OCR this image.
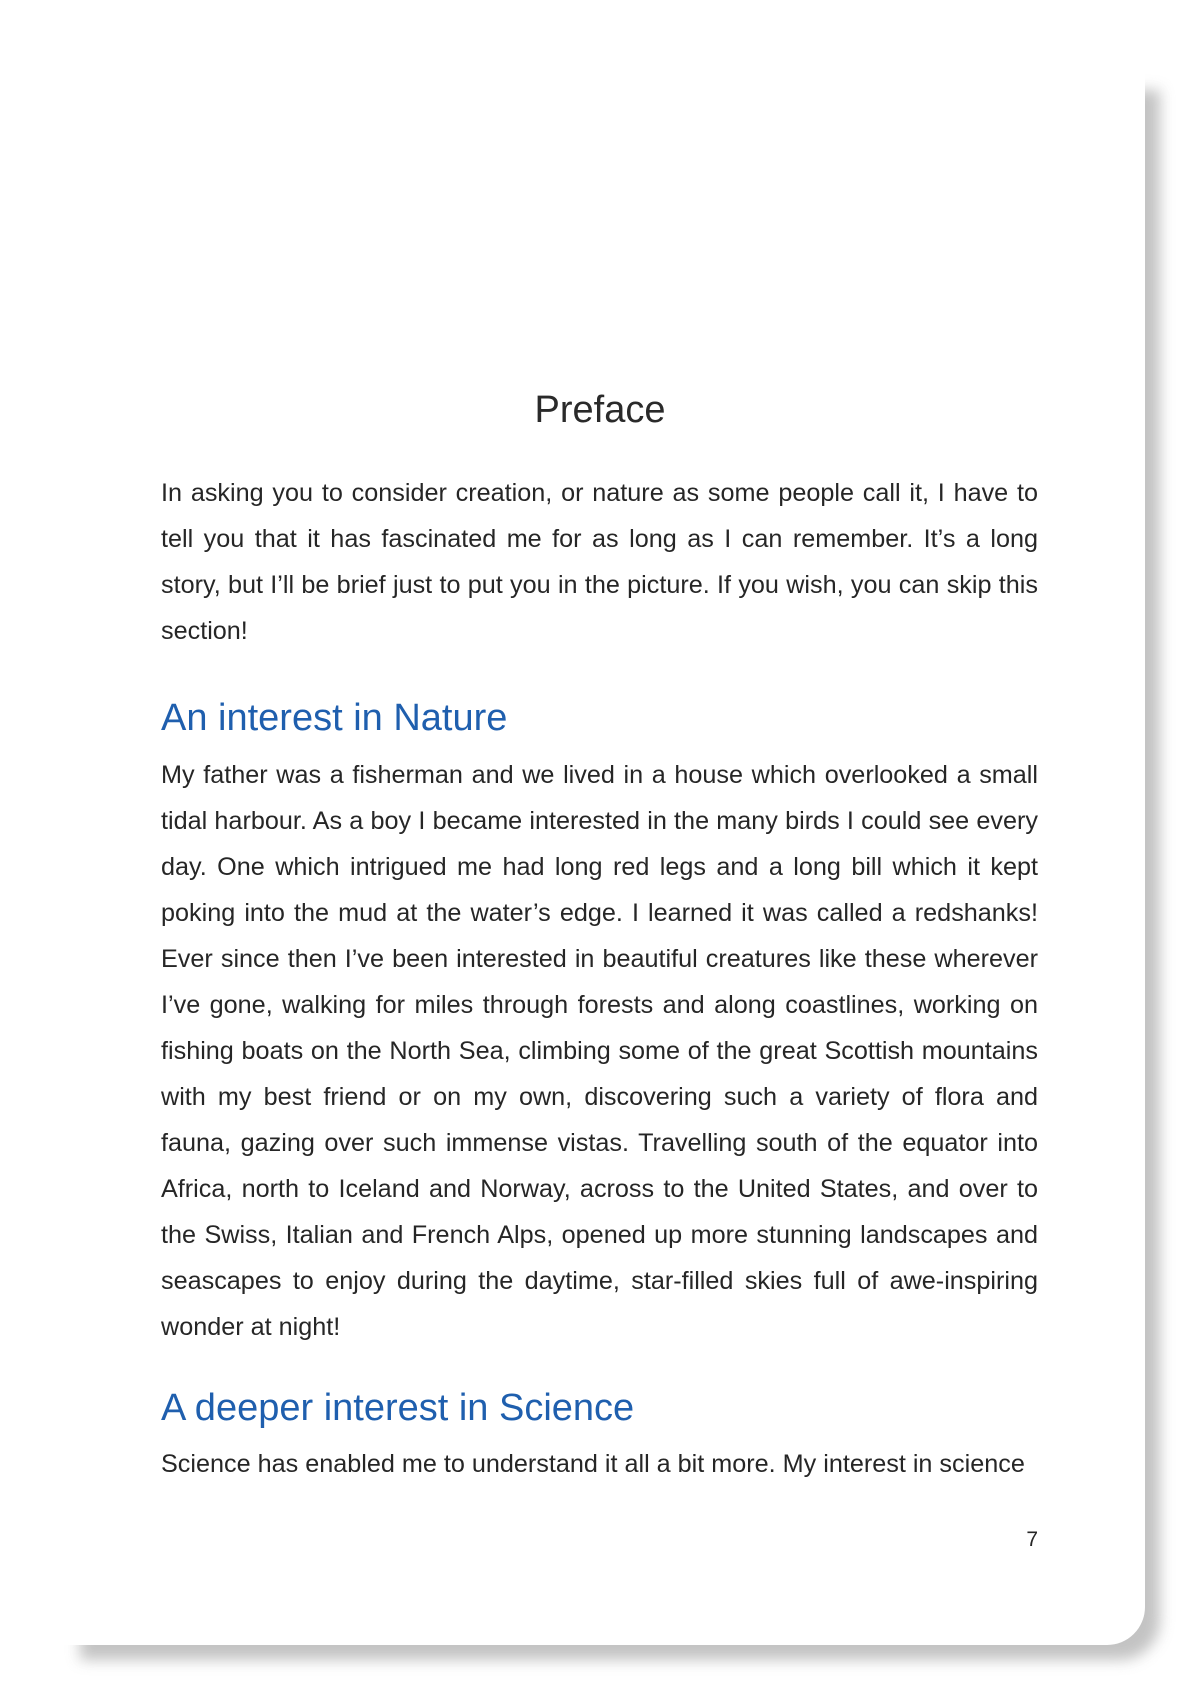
Preface

In asking you to consider creation, or nature as some people call it, I have to tell you that it has fascinated me for as long as I can remember. It’s a long story, but I’ll be brief just to put you in the picture. If you wish, you can skip this section!

An interest in Nature

My father was a fisherman and we lived in a house which overlooked a small tidal harbour. As a boy I became interested in the many birds I could see every day. One which intrigued me had long red legs and a long bill which it kept poking into the mud at the water’s edge. I learned it was called a redshanks! Ever since then I’ve been interested in beautiful creatures like these wherever I’ve gone, walking for miles through forests and along coastlines, working on fishing boats on the North Sea, climbing some of the great Scottish mountains with my best friend or on my own, discovering such a variety of flora and fauna, gazing over such immense vistas. Travelling south of the equator into Africa, north to Iceland and Norway, across to the United States, and over to the Swiss, Italian and French Alps, opened up more stunning landscapes and seascapes to enjoy during the daytime, star-filled skies full of awe-inspiring wonder at night!

A deeper interest in Science

Science has enabled me to understand it all a bit more. My interest in science

7
